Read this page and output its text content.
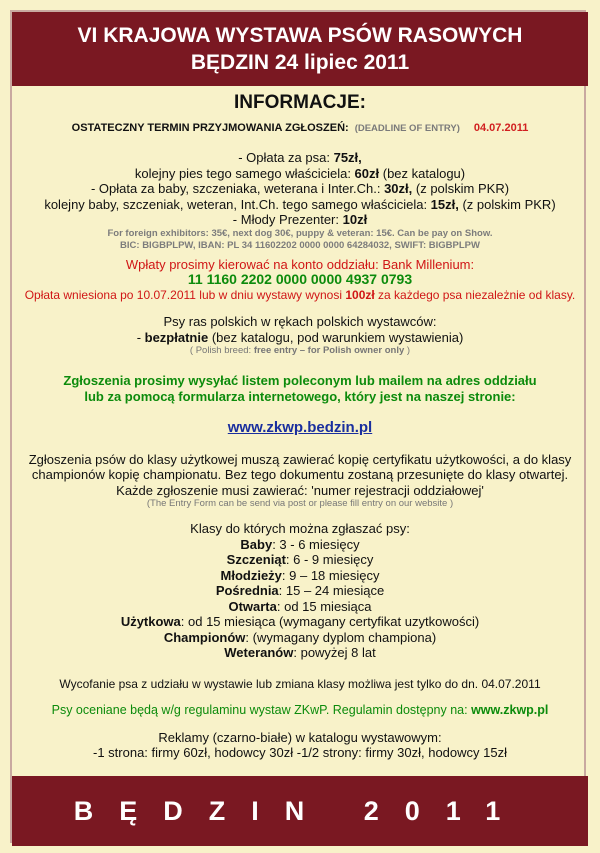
VI KRAJOWA WYSTAWA PSÓW RASOWYCH
BĘDZIN 24 lipiec 2011
INFORMACJE:
OSTATECZNY TERMIN PRZYJMOWANIA ZGŁOSZEŃ: (DEADLINE OF ENTRY) 04.07.2011
- Opłata za psa: 75zł,
kolejny pies tego samego właściciela: 60zł (bez katalogu)
- Opłata za baby, szczeniaka, weterana i Inter.Ch.: 30zł, (z polskim PKR)
kolejny baby, szczeniak, weteran, Int.Ch. tego samego właściciela: 15zł, (z polskim PKR)
- Młody Prezenter: 10zł
For foreign exhibitors: 35€, next dog 30€, puppy & veteran: 15€. Can be pay on Show.
BIC: BIGBPLPW, IBAN: PL 34 11602202 0000 0000 64284032, SWIFT: BIGBPLPW
Wpłaty prosimy kierować na konto oddziału: Bank Millenium:
11 1160 2202 0000 0000 4937 0793
Opłata wniesiona po 10.07.2011 lub w dniu wystawy wynosi 100zł za każdego psa niezależnie od klasy.
Psy ras polskich w rękach polskich wystawców:
- bezpłatnie (bez katalogu, pod warunkiem wystawienia)
( Polish breed: free entry – for Polish owner only )
Zgłoszenia prosimy wysyłać listem poleconym lub mailem na adres oddziału
lub za pomocą formularza internetowego, który jest na naszej stronie:
www.zkwp.bedzin.pl
Zgłoszenia psów do klasy użytkowej muszą zawierać kopię certyfikatu użytkowości, a do klasy
championów kopię championatu. Bez tego dokumentu zostaną przesunięte do klasy otwartej.
Każde zgłoszenie musi zawierać: 'numer rejestracji oddziałowej'
(The Entry Form can be send via post or please fill entry on our website )
Klasy do których można zgłaszać psy:
Baby: 3 - 6 miesięcy
Szczeniąt: 6 - 9 miesięcy
Młodzieży: 9 – 18 miesięcy
Pośrednia: 15 – 24 miesiące
Otwarta: od 15 miesiąca
Użytkowa: od 15 miesiąca (wymagany certyfikat uzytkowości)
Championów: (wymagany dyplom championa)
Weteranów: powyżej 8 lat
Wycofanie psa z udziału w wystawie lub zmiana klasy możliwa jest tylko do dn. 04.07.2011
Psy oceniane będą w/g regulaminu wystaw ZKwP. Regulamin dostępny na: www.zkwp.pl
Reklamy (czarno-białe) w katalogu wystawowym:
-1 strona: firmy 60zł, hodowcy 30zł -1/2 strony: firmy 30zł, hodowcy 15zł
BĘDZIN 2011
